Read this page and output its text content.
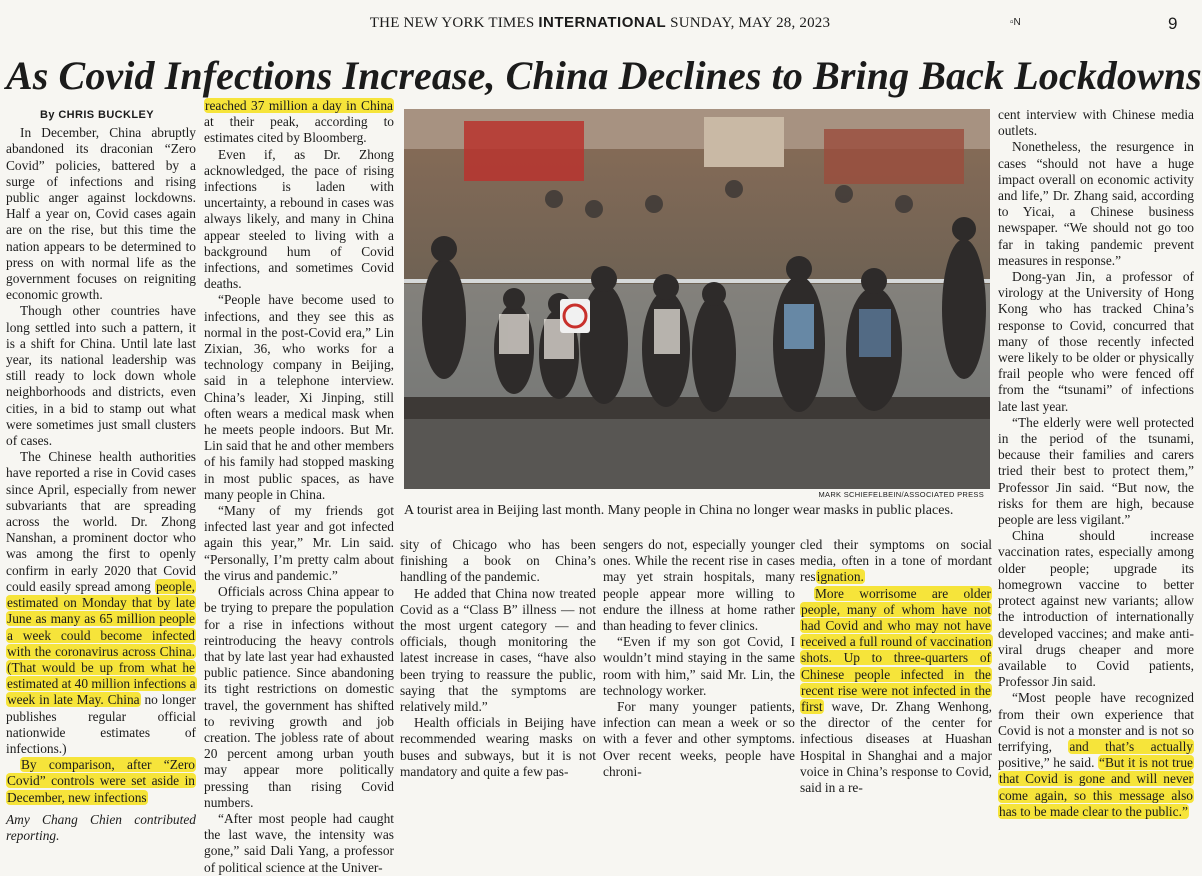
THE NEW YORK TIMES INTERNATIONAL SUNDAY, MAY 28, 2023	▫N	9
As Covid Infections Increase, China Declines to Bring Back Lockdowns

By CHRIS BUCKLEY

In December, China abruptly abandoned its draconian “Zero Covid” policies, battered by a surge of infections and rising public anger against lockdowns. Half a year on, Covid cases again are on the rise, but this time the nation appears to be determined to press on with normal life as the government focuses on reigniting economic growth.

Though other countries have long settled into such a pattern, it is a shift for China. Until late last year, its national leadership was still ready to lock down whole neighborhoods and districts, even cities, in a bid to stamp out what were sometimes just small clusters of cases.

The Chinese health authorities have reported a rise in Covid cases since April, especially from newer subvariants that are spreading across the world. Dr. Zhong Nanshan, a prominent doctor who was among the first to openly confirm in early 2020 that Covid could easily spread among people, estimated on Monday that by late June as many as 65 million people a week could become infected with the coronavirus across China. (That would be up from what he estimated at 40 million infections a week in late May. China no longer publishes regular official nationwide estimates of infections.)

By comparison, after “Zero Covid” controls were set aside in December, new infections

Amy Chang Chien contributed reporting.

reached 37 million a day in China at their peak, according to estimates cited by Bloomberg.

Even if, as Dr. Zhong acknowledged, the pace of rising infections is laden with uncertainty, a rebound in cases was always likely, and many in China appear steeled to living with a background hum of Covid infections, and sometimes Covid deaths.

“People have become used to infections, and they see this as normal in the post-Covid era,” Lin Zixian, 36, who works for a technology company in Beijing, said in a telephone interview. China’s leader, Xi Jinping, still often wears a medical mask when he meets people indoors. But Mr. Lin said that he and other members of his family had stopped masking in most public spaces, as have many people in China.

“Many of my friends got infected last year and got infected again this year,” Mr. Lin said. “Personally, I’m pretty calm about the virus and pandemic.”

Officials across China appear to be trying to prepare the population for a rise in infections without reintroducing the heavy controls that by late last year had exhausted public patience. Since abandoning its tight restrictions on domestic travel, the government has shifted to reviving growth and job creation. The jobless rate of about 20 percent among urban youth may appear more politically pressing than rising Covid numbers.

“After most people had caught the last wave, the intensity was gone,” said Dali Yang, a professor of political science at the Univer-

MARK SCHIEFELBEIN/ASSOCIATED PRESS
A tourist area in Beijing last month. Many people in China no longer wear masks in public places.

sity of Chicago who has been finishing a book on China’s handling of the pandemic.

He added that China now treated Covid as a “Class B” illness — not the most urgent category — and officials, though monitoring the latest increase in cases, “have also been trying to reassure the public, saying that the symptoms are relatively mild.”

Health officials in Beijing have recommended wearing masks on buses and subways, but it is not mandatory and quite a few pas-

sengers do not, especially younger ones. While the recent rise in cases may yet strain hospitals, many people appear more willing to endure the illness at home rather than heading to fever clinics.

“Even if my son got Covid, I wouldn’t mind staying in the same room with him,” said Mr. Lin, the technology worker.

For many younger patients, infection can mean a week or so with a fever and other symptoms. Over recent weeks, people have chroni-

cled their symptoms on social media, often in a tone of mordant resignation.

More worrisome are older people, many of whom have not had Covid and who may not have received a full round of vaccination shots. Up to three-quarters of Chinese people infected in the recent rise were not infected in the first wave, Dr. Zhang Wenhong, the director of the center for infectious diseases at Huashan Hospital in Shanghai and a major voice in China’s response to Covid, said in a re-

cent interview with Chinese media outlets.

Nonetheless, the resurgence in cases “should not have a huge impact overall on economic activity and life,” Dr. Zhang said, according to Yicai, a Chinese business newspaper. “We should not go too far in taking pandemic prevent measures in response.”

Dong-yan Jin, a professor of virology at the University of Hong Kong who has tracked China’s response to Covid, concurred that many of those recently infected were likely to be older or physically frail people who were fenced off from the “tsunami” of infections late last year.

“The elderly were well protected in the period of the tsunami, because their families and carers tried their best to protect them,” Professor Jin said. “But now, the risks for them are high, because people are less vigilant.”

China should increase vaccination rates, especially among older people; upgrade its homegrown vaccine to better protect against new variants; allow the introduction of internationally developed vaccines; and make anti-viral drugs cheaper and more available to Covid patients, Professor Jin said.

“Most people have recognized from their own experience that Covid is not a monster and is not so terrifying, and that’s actually positive,” he said. “But it is not true that Covid is gone and will never come again, so this message also has to be made clear to the public.”
